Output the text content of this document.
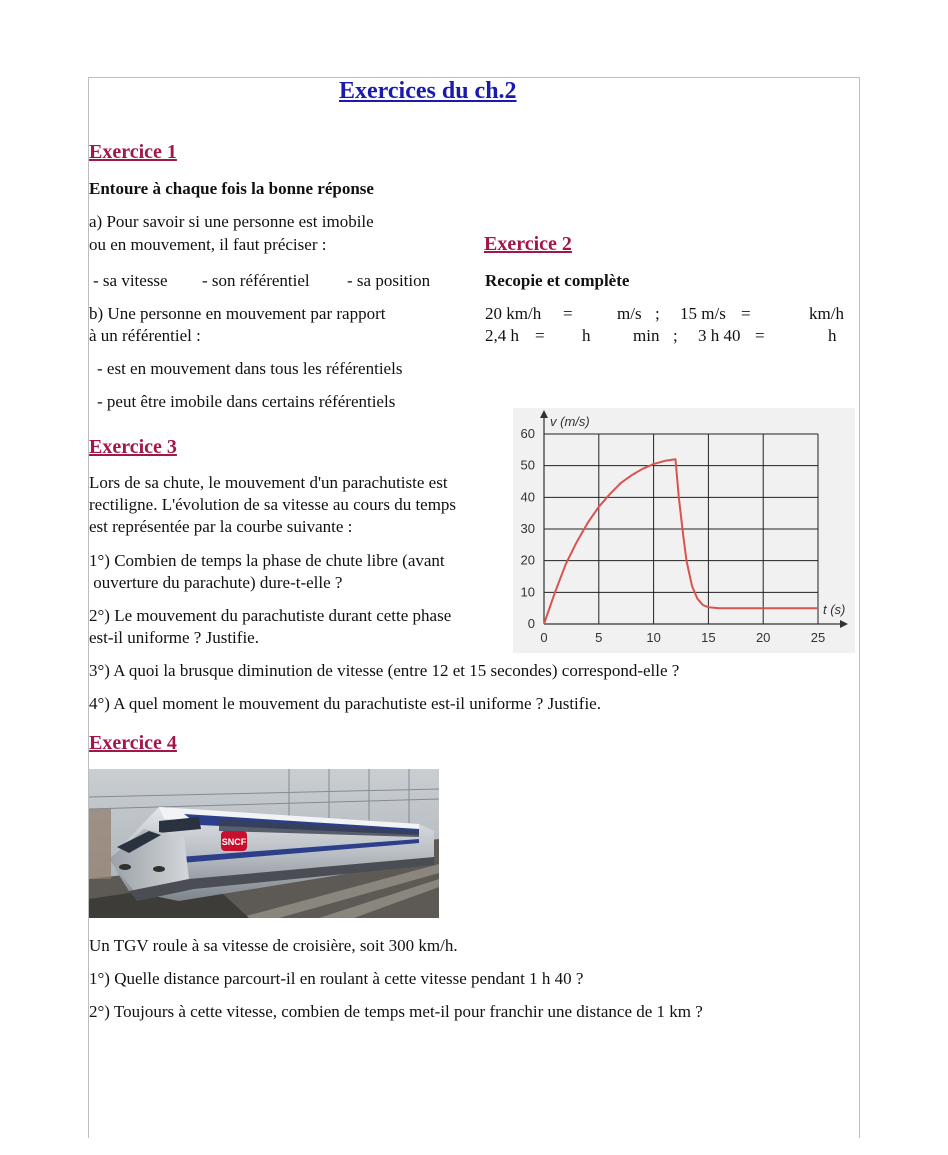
Exercices du ch.2
Exercice 1
Entoure à chaque fois la bonne réponse
a) Pour savoir si une personne est imobile
ou en mouvement, il faut préciser :
- sa vitesse - son référentiel - sa position
b) Une personne en mouvement par rapport
à un référentiel :
- est en mouvement dans tous les référentiels
- peut être imobile dans certains référentiels
Exercice 2
Recopie et complète
20 km/h =	m/s ; 15 m/s =	km/h
2,4 h = h	min ; 3 h 40 =	h
Exercice 3
Lors de sa chute, le mouvement d'un parachutiste est
rectiligne. L'évolution de sa vitesse au cours du temps
est représentée par la courbe suivante :
1°) Combien de temps la phase de chute libre (avant
ouverture du parachute) dure-t-elle ?
2°) Le mouvement du parachutiste durant cette phase
est-il uniforme ? Justifie.
3°) A quoi la brusque diminution de vitesse (entre 12 et 15 secondes) correspond-elle ?
4°) A quel moment le mouvement du parachutiste est-il uniforme ? Justifie.
0	5	10	15	20	25
0
10
20
30
40
50
60
v (m/s)
t (s)
Exercice 4
SNCF
Un TGV roule à sa vitesse de croisière, soit 300 km/h.
1°) Quelle distance parcourt-il en roulant à cette vitesse pendant 1 h 40 ?
2°) Toujours à cette vitesse, combien de temps met-il pour franchir une distance de 1 km ?
